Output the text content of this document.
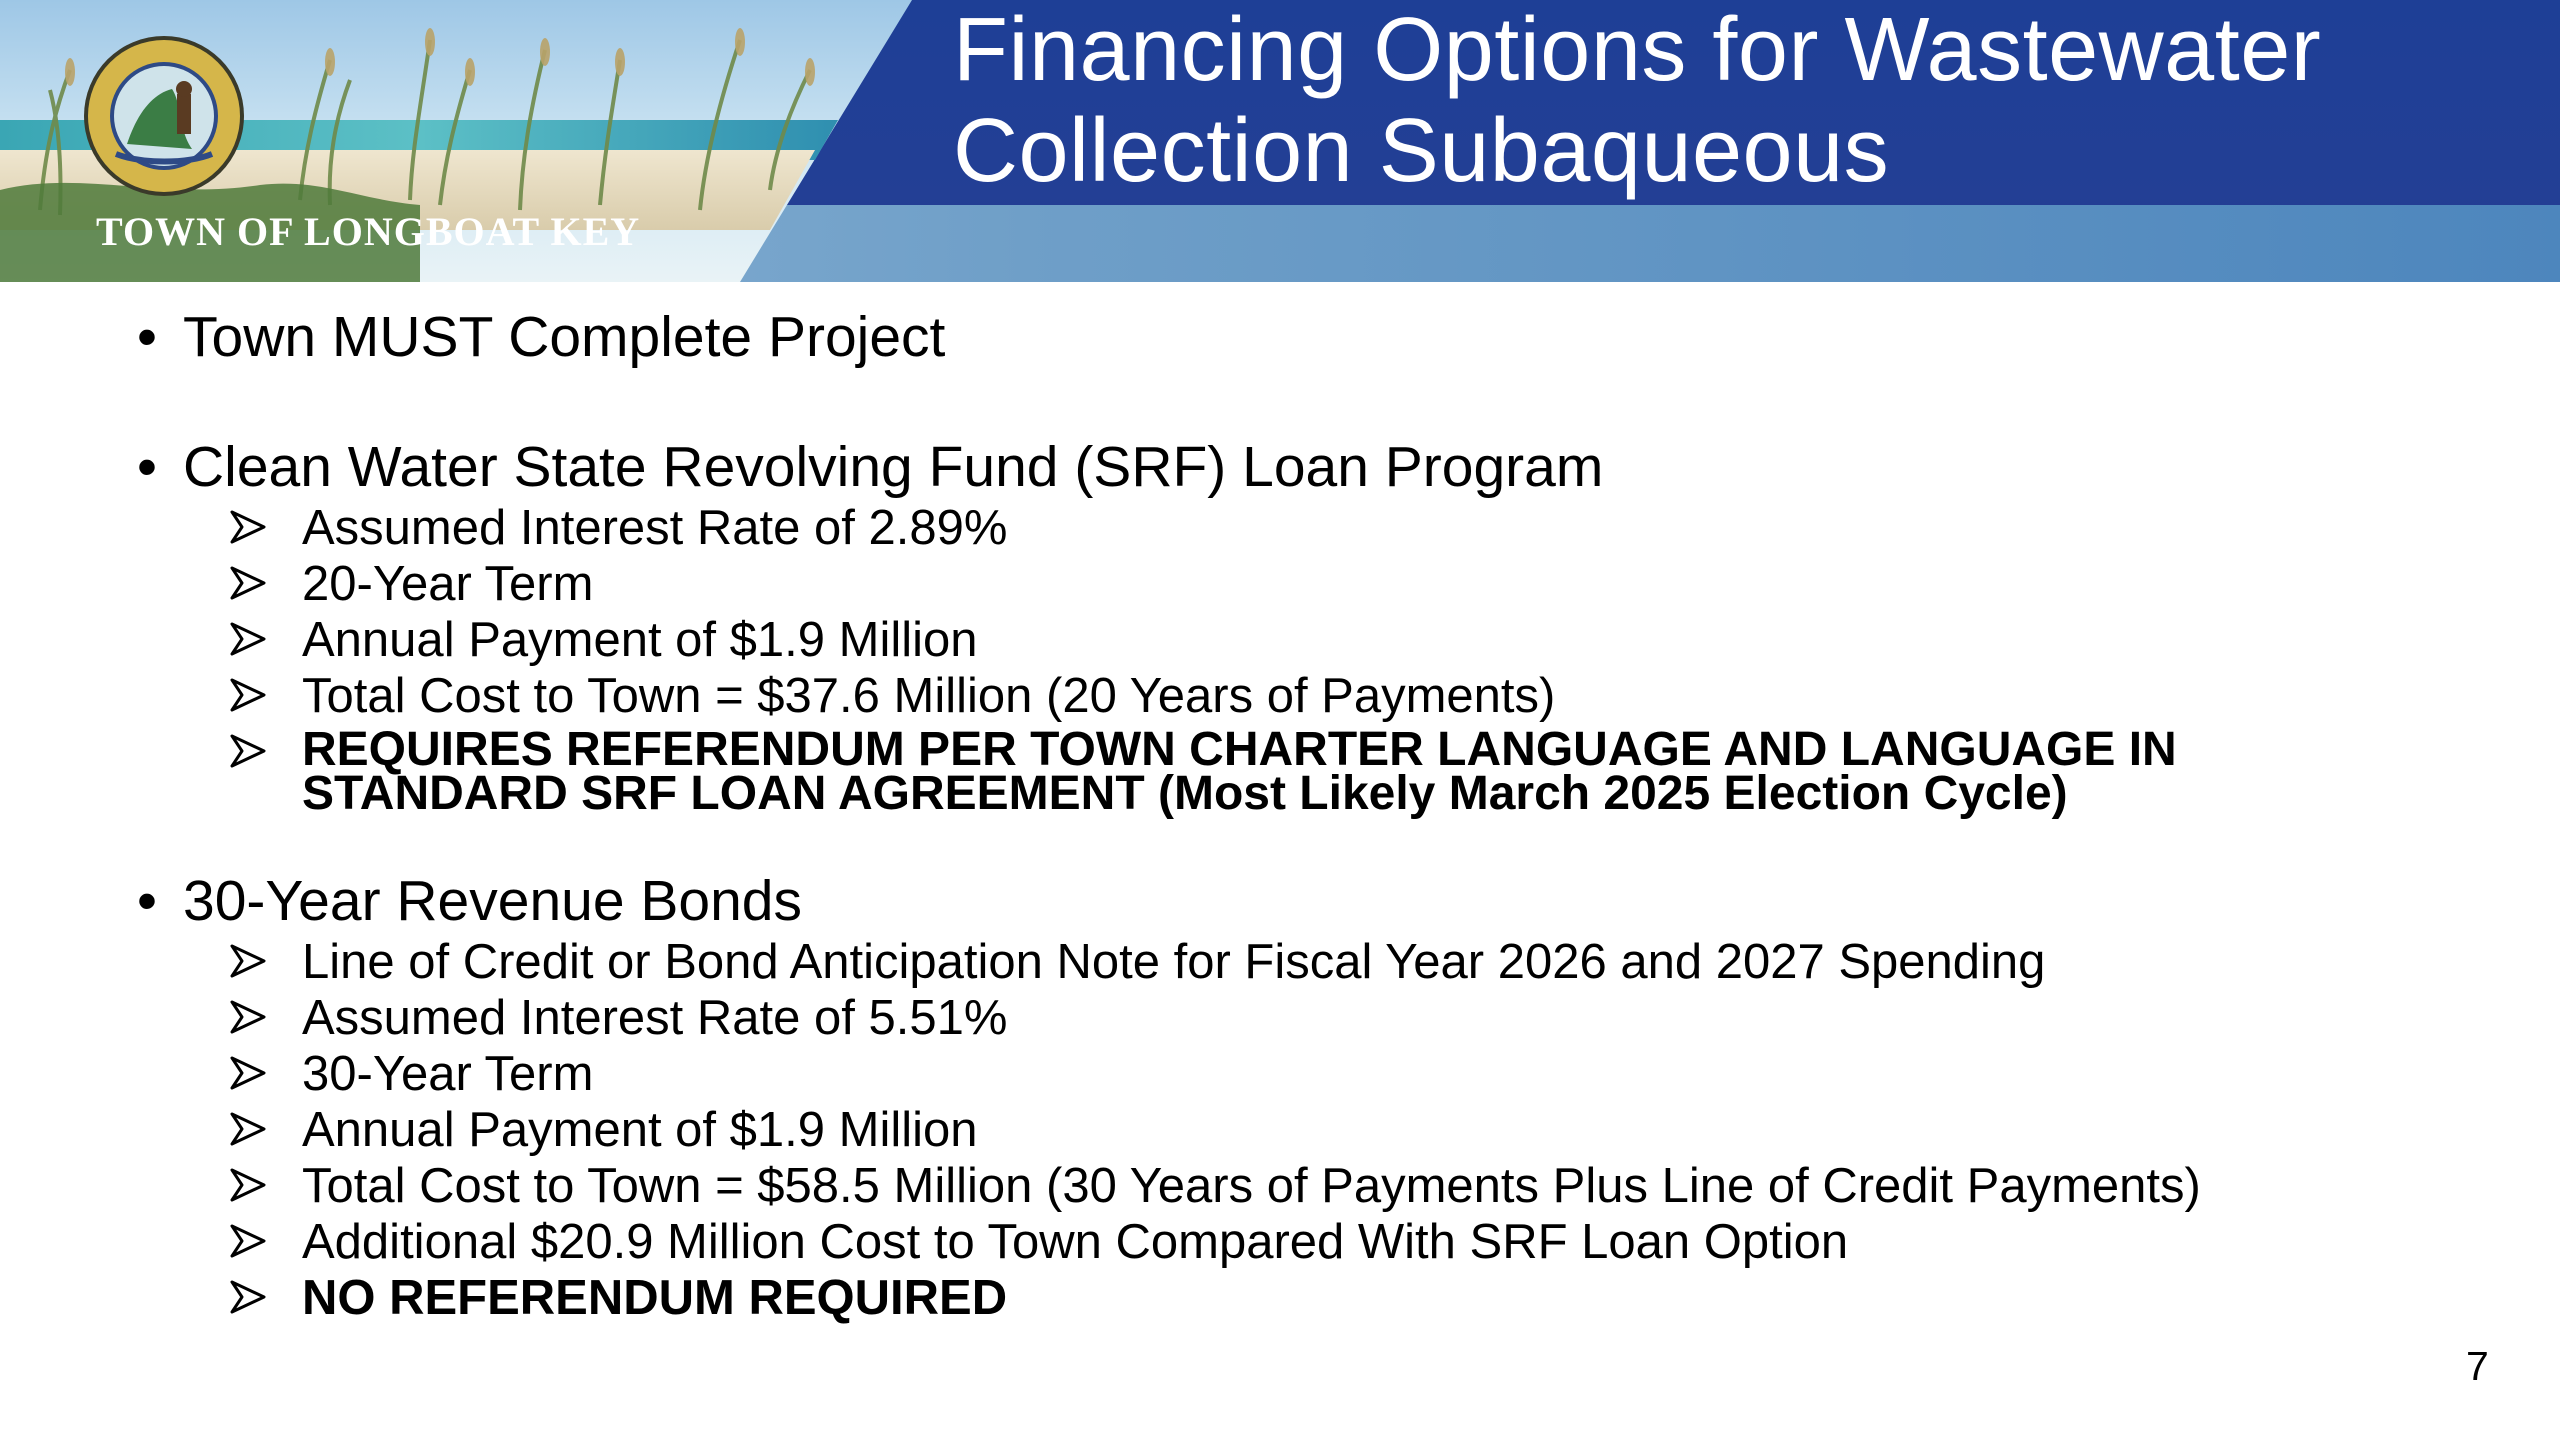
TOWN OF LONGBOAT KEY
Financing Options for Wastewater
Collection Subaqueous
• Town MUST Complete Project
• Clean Water State Revolving Fund (SRF) Loan Program
Assumed Interest Rate of 2.89%
20-Year Term
Annual Payment of $1.9 Million
Total Cost to Town = $37.6 Million (20 Years of Payments)
REQUIRES REFERENDUM PER TOWN CHARTER LANGUAGE AND LANGUAGE IN
STANDARD SRF LOAN AGREEMENT (Most Likely March 2025 Election Cycle)
• 30-Year Revenue Bonds
Line of Credit or Bond Anticipation Note for Fiscal Year 2026 and 2027 Spending
Assumed Interest Rate of 5.51%
30-Year Term
Annual Payment of $1.9 Million
Total Cost to Town = $58.5 Million (30 Years of Payments Plus Line of Credit Payments)
Additional $20.9 Million Cost to Town Compared With SRF Loan Option
NO REFERENDUM REQUIRED
7
